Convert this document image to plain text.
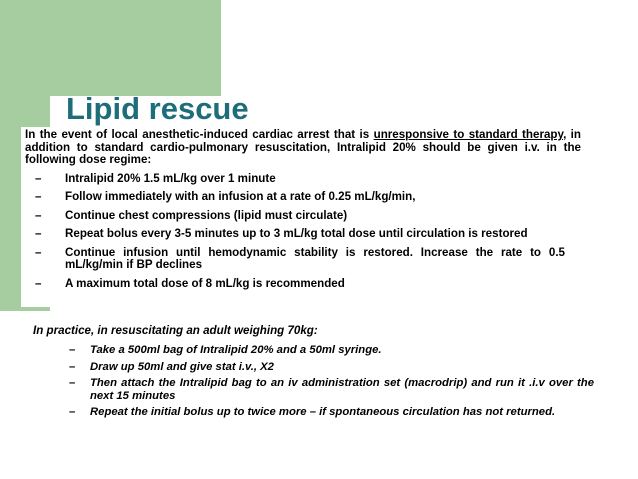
Lipid rescue

In the event of local anesthetic-induced cardiac arrest that is unresponsive to standard therapy, in addition to standard cardio-pulmonary resuscitation, Intralipid 20% should be given i.v. in the following dose regime:

– Intralipid 20% 1.5 mL/kg over 1 minute
– Follow immediately with an infusion at a rate of 0.25 mL/kg/min,
– Continue chest compressions (lipid must circulate)
– Repeat bolus every 3-5 minutes up to 3 mL/kg total dose until circulation is restored
– Continue infusion until hemodynamic stability is restored. Increase the rate to 0.5 mL/kg/min if BP declines
– A maximum total dose of 8 mL/kg is recommended

In practice, in resuscitating an adult weighing 70kg:

– Take a 500ml bag of Intralipid 20% and a 50ml syringe.
– Draw up 50ml and give stat i.v., X2
– Then attach the Intralipid bag to an iv administration set (macrodrip) and run it .i.v over the next 15 minutes
– Repeat the initial bolus up to twice more – if spontaneous circulation has not returned.
